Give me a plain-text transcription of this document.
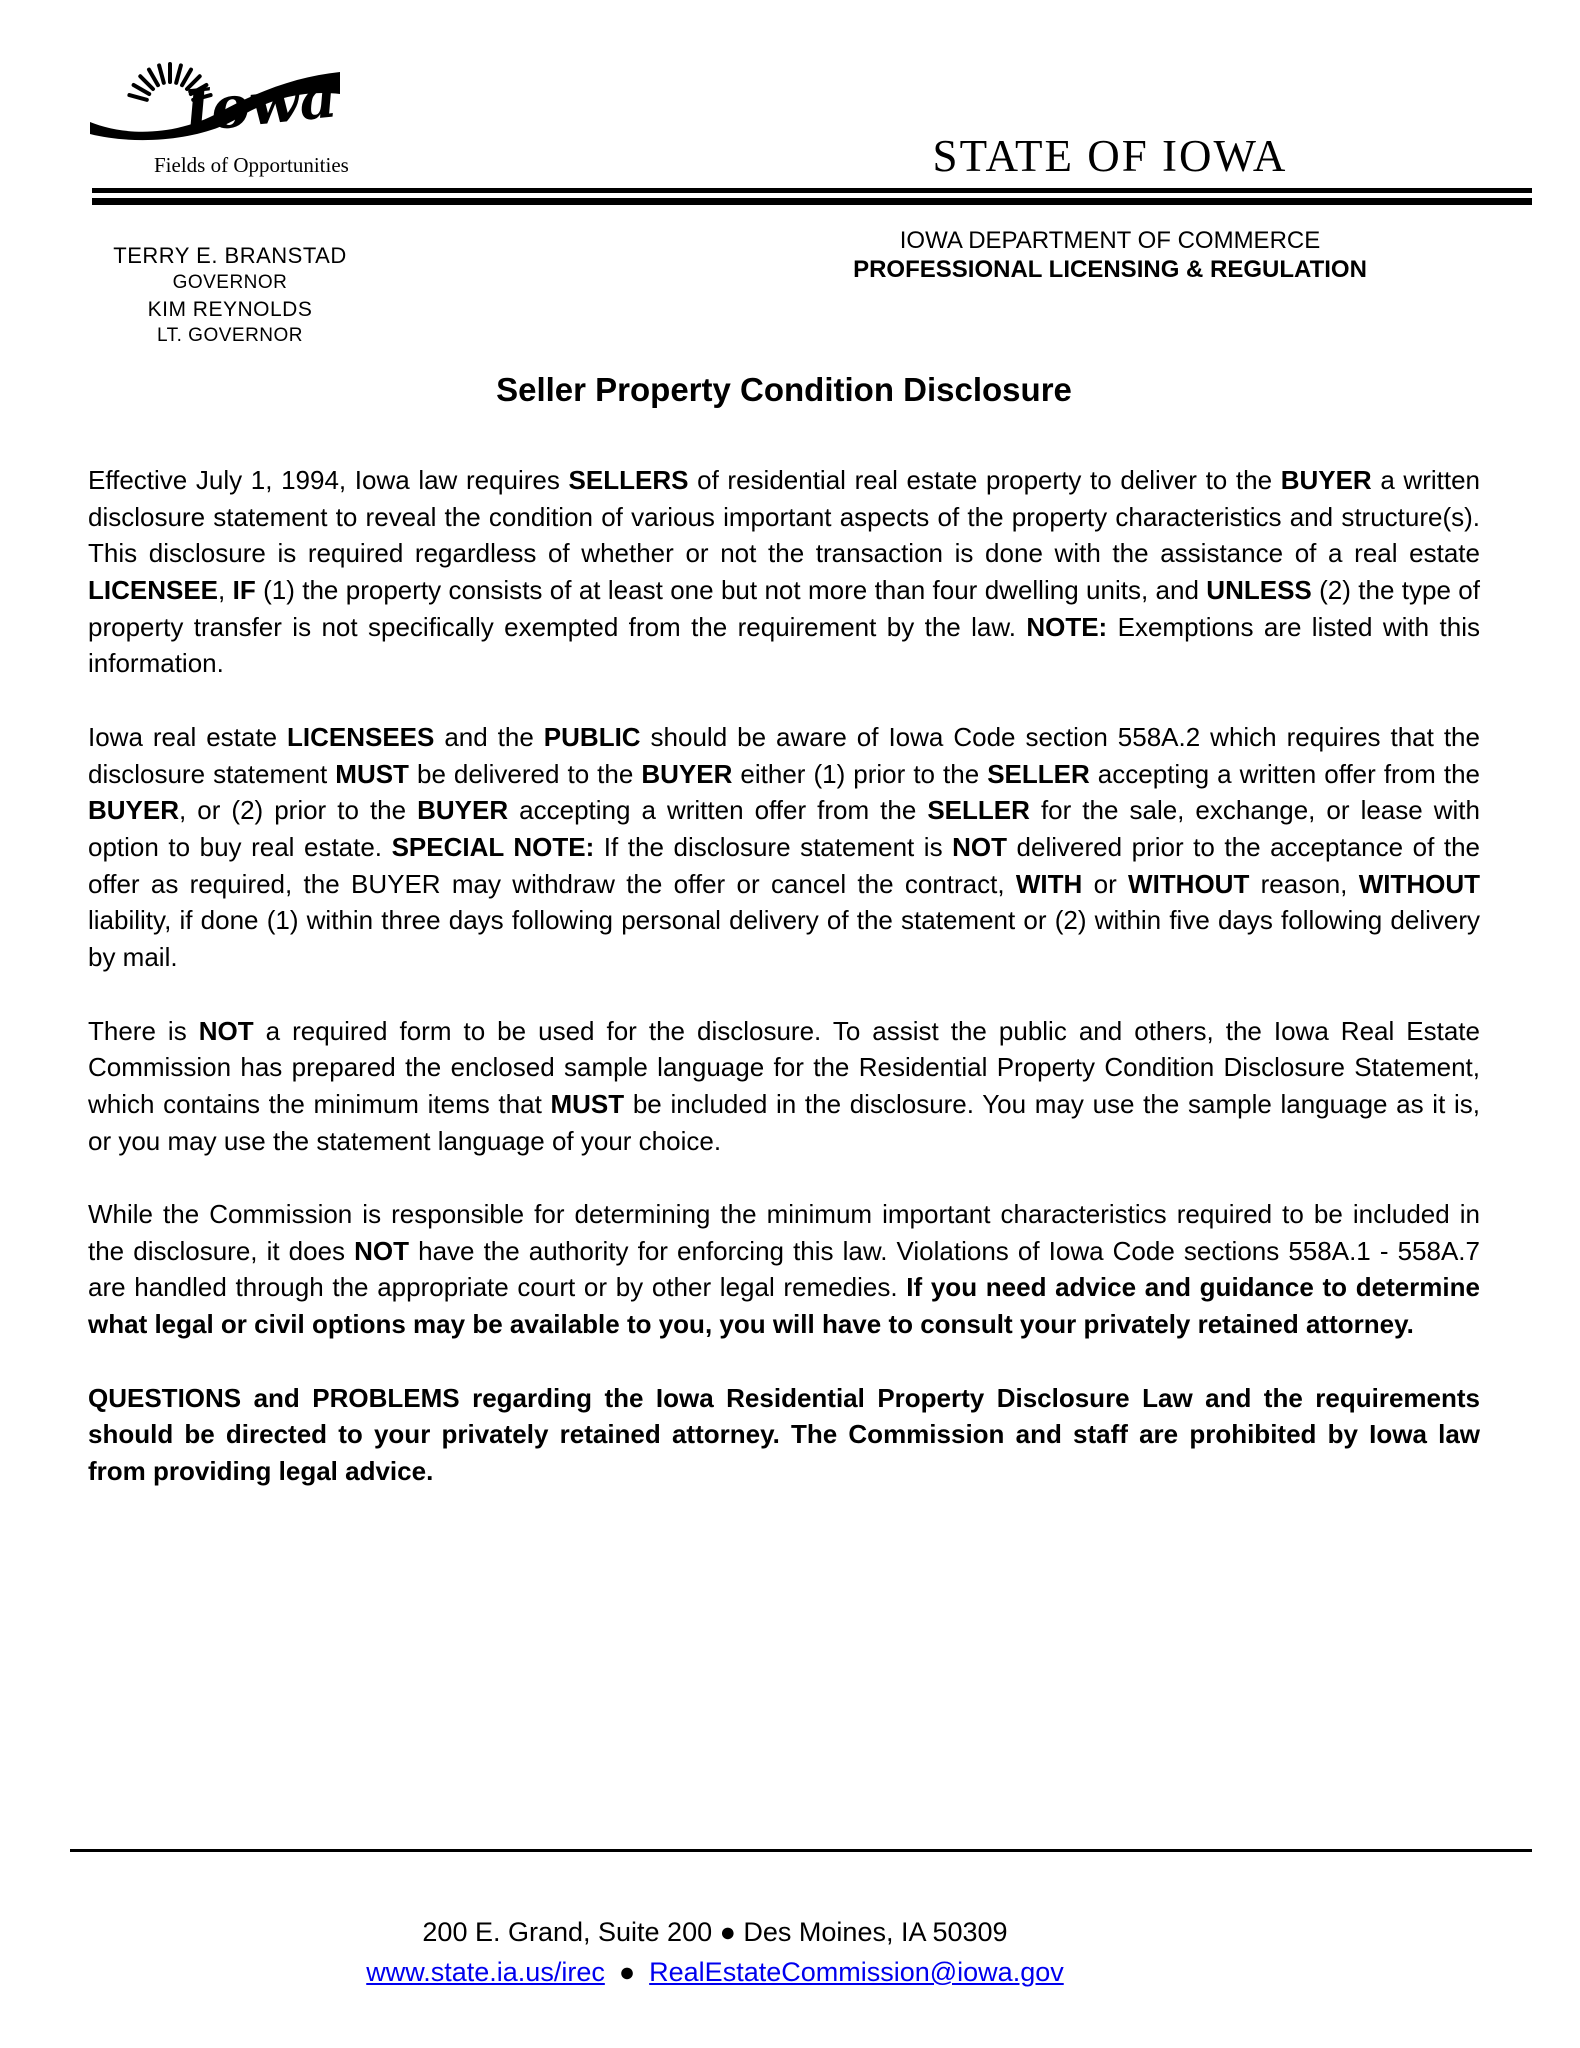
Iowa
Fields of Opportunities	STATE OF IOWA
TERRY E. BRANSTAD
GOVERNOR
KIM REYNOLDS
LT. GOVERNOR
IOWA DEPARTMENT OF COMMERCE
PROFESSIONAL LICENSING & REGULATION
Seller Property Condition Disclosure

Effective July 1, 1994, Iowa law requires SELLERS of residential real estate property to deliver to the BUYER a written disclosure statement to reveal the condition of various important aspects of the property characteristics and structure(s). This disclosure is required regardless of whether or not the transaction is done with the assistance of a real estate LICENSEE, IF (1) the property consists of at least one but not more than four dwelling units, and UNLESS (2) the type of property transfer is not specifically exempted from the requirement by the law. NOTE: Exemptions are listed with this information.

Iowa real estate LICENSEES and the PUBLIC should be aware of Iowa Code section 558A.2 which requires that the disclosure statement MUST be delivered to the BUYER either (1) prior to the SELLER accepting a written offer from the BUYER, or (2) prior to the BUYER accepting a written offer from the SELLER for the sale, exchange, or lease with option to buy real estate. SPECIAL NOTE: If the disclosure statement is NOT delivered prior to the acceptance of the offer as required, the BUYER may withdraw the offer or cancel the contract, WITH or WITHOUT reason, WITHOUT liability, if done (1) within three days following personal delivery of the statement or (2) within five days following delivery by mail.

There is NOT a required form to be used for the disclosure. To assist the public and others, the Iowa Real Estate Commission has prepared the enclosed sample language for the Residential Property Condition Disclosure Statement, which contains the minimum items that MUST be included in the disclosure. You may use the sample language as it is, or you may use the statement language of your choice.

While the Commission is responsible for determining the minimum important characteristics required to be included in the disclosure, it does NOT have the authority for enforcing this law. Violations of Iowa Code sections 558A.1 - 558A.7 are handled through the appropriate court or by other legal remedies. If you need advice and guidance to determine what legal or civil options may be available to you, you will have to consult your privately retained attorney.

QUESTIONS and PROBLEMS regarding the Iowa Residential Property Disclosure Law and the requirements should be directed to your privately retained attorney. The Commission and staff are prohibited by Iowa law from providing legal advice.

200 E. Grand, Suite 200 ● Des Moines, IA 50309
www.state.ia.us/irec ● RealEstateCommission@iowa.gov
